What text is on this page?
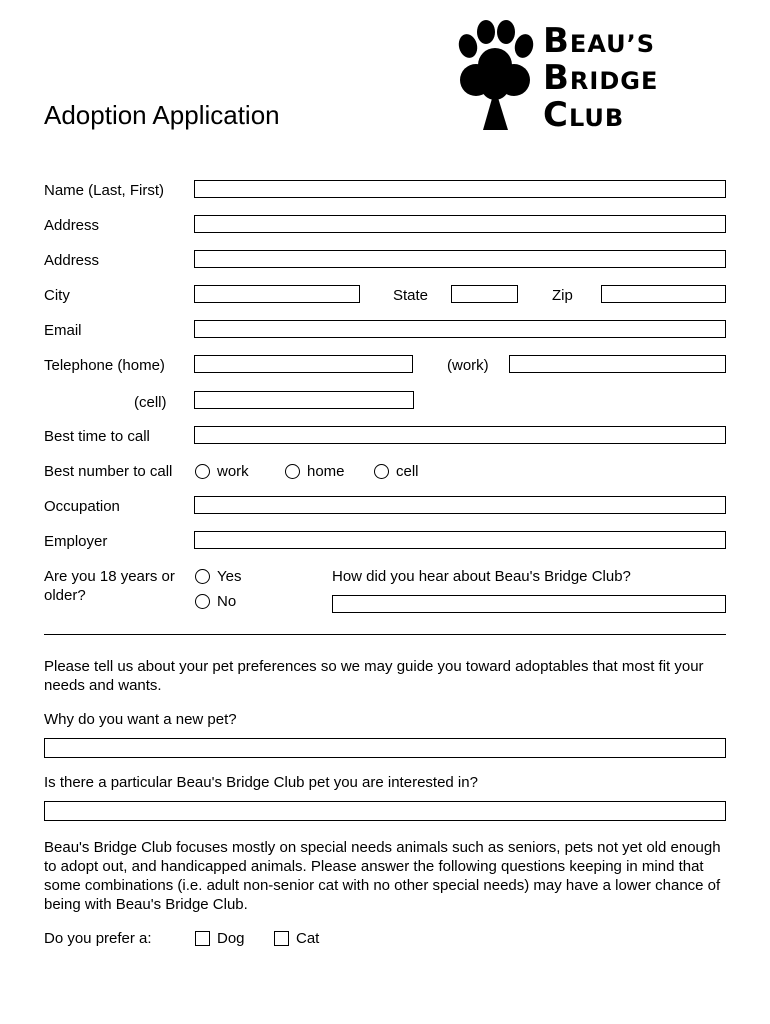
Adoption Application
BEAU’S
BRIDGE
CLUB
Name (Last, First)
Address
Address
City	State	Zip
Email
Telephone (home)	(work)
(cell)
Best time to call
Best number to call	work	home	cell
Occupation
Employer
Are you 18 years or
older?
Yes
No
How did you hear about Beau's Bridge Club?
Please tell us about your pet preferences so we may guide you toward adoptables that most fit your needs and wants.
Why do you want a new pet?
Is there a particular Beau's Bridge Club pet you are interested in?
Beau's Bridge Club focuses mostly on special needs animals such as seniors, pets not yet old enough to adopt out, and handicapped animals. Please answer the following questions keeping in mind that some combinations (i.e. adult non-senior cat with no other special needs) may have a lower chance of being with Beau's Bridge Club.
Do you prefer a:	Dog	Cat
